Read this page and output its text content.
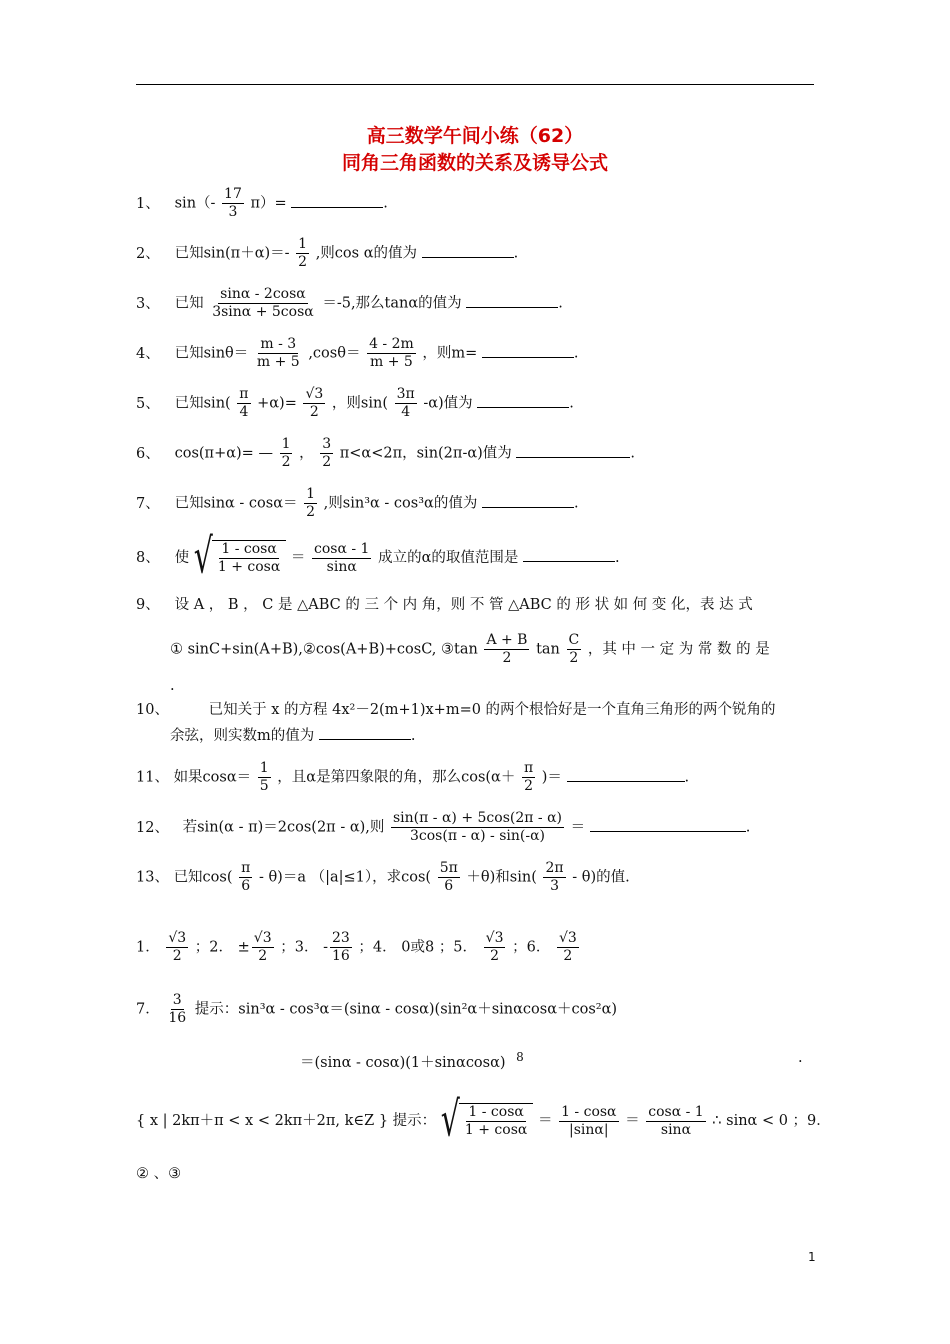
高三数学午间小练（62）
同角三角函数的关系及诱导公式
1、 $\sin(- \frac{17}{3} \pi)=$	.
2、 已知$\sin(\pi+\alpha)=- \frac{1}{2}$ ,则cos α的值为	.
3、 已知 $\frac{\sin\alpha - 2\cos\alpha}{3\sin\alpha + 5\cos\alpha} =-5$,那么tanα的值为	.
4、 已知$\sin\theta= \frac{m - 3}{m + 5} ,\cos\theta= \frac{4 - 2m}{m + 5}$ ，则m=	.
5、 已知$\sin( \frac{\pi}{4} +\alpha)= \frac{√3}{2}$ ，则$\sin( \frac{3\pi}{4} -\alpha)$值为	.
6、 cos(π+α)= — $\frac{1}{2}$ ， $\frac{3}{2} \pi<\alpha<2\pi$，sin(2π-α)值为	.
7、 已知$\sin\alpha - \cos\alpha= \frac{1}{2}$ ,则sin³α - cos³α的值为	.
8、 使 √ $\frac{1 - \cos\alpha}{1 + \cos\alpha} = \frac{\cos\alpha - 1}{\sin\alpha}$ 成立的α的取值范围是	.
9、 设 A ， B ， C 是 △ABC 的 三 个 内 角，则 不 管 △ABC 的 形 状 如 何 变 化，表 达 式
① sinC+sin(A+B),②cos(A+B)+cosC, ③tan $\frac{A + B}{2}$ $\tan \frac{C}{2}$ ，其 中 一 定 为 常 数 的 是
.
10、	已知关于 x 的方程 4x²－2(m+1)x+m=0 的两个根恰好是一个直角三角形的两个锐角的
余弦，则实数m的值为	.
11、 如果$\cos\alpha= \frac{1}{5}$ ，且α是第四象限的角，那么$\cos(\alpha+ \frac{\pi}{2}$ )＝	.
12、 若sin(α - π)＝2cos(2π - α),则 $\frac{\sin(\pi - \alpha) + 5\cos(2\pi - \alpha)}{3\cos(\pi - \alpha) - \sin(-\alpha)}$ ＝	.
13、 已知$\cos( \frac{\pi}{6} - \theta)=a$ （|a|≤1），求$\cos( \frac{5\pi}{6} +\theta)$和$\sin( \frac{2\pi}{3} - \theta)$的值.
1． $\frac{√3}{2}$ ；2． ± $\frac{√3}{2}$ ；3． - $\frac{23}{16}$ ；4． 0或8 ；5． $\frac{√3}{2}$ ；6． $\frac{√3}{2}$
7． $\frac{3}{16}$ 提示：sin³α - cos³α＝(sinα - cosα)(sin²α＋sinαcosα＋cos²α)
＝(sinα - cosα)(1＋sinαcosα) $^8$	.
{ x | 2kπ＋π < x < 2kπ＋2π, k∈Z } 提示： √ $\frac{1 - \cos\alpha}{1 + \cos\alpha} = \frac{1 - \cos\alpha}{|\sin\alpha|} = \frac{\cos\alpha - 1}{\sin\alpha}$ ∴ sinα < 0 ；9．
② 、③
1
